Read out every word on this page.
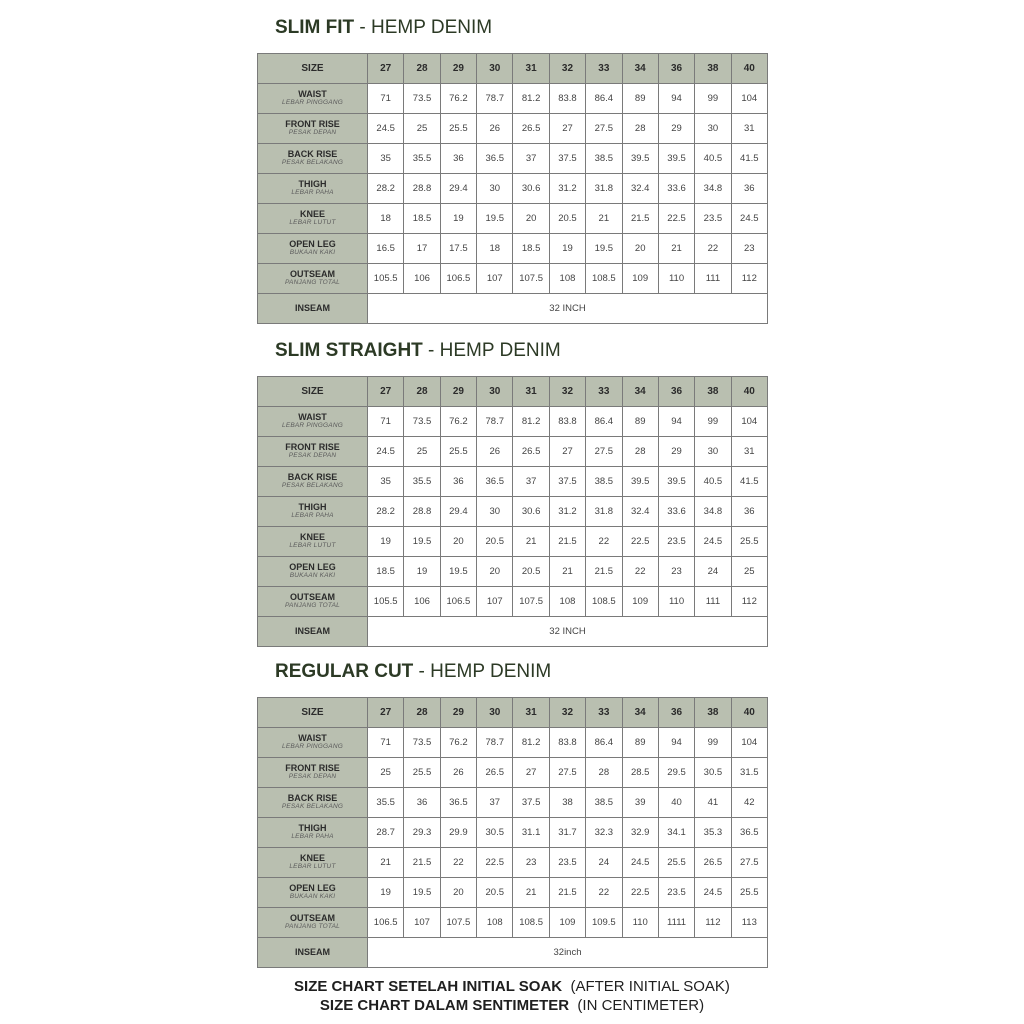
SLIM FIT - HEMP DENIM
SIZE	27	28	29	30	31	32	33	34	36	38	40

WAIST
LEBAR PINGGANG	71	73.5	76.2	78.7	81.2	83.8	86.4	89	94	99	104

FRONT RISE
PESAK DEPAN	24.5	25	25.5	26	26.5	27	27.5	28	29	30	31

BACK RISE
PESAK BELAKANG	35	35.5	36	36.5	37	37.5	38.5	39.5	39.5	40.5	41.5

THIGH
LEBAR PAHA	28.2	28.8	29.4	30	30.6	31.2	31.8	32.4	33.6	34.8	36

KNEE
LEBAR LUTUT	18	18.5	19	19.5	20	20.5	21	21.5	22.5	23.5	24.5

OPEN LEG
BUKAAN KAKI	16.5	17	17.5	18	18.5	19	19.5	20	21	22	23

OUTSEAM
PANJANG TOTAL	105.5	106	106.5	107	107.5	108	108.5	109	110	111	112

INSEAM	32 INCH										
SLIM STRAIGHT - HEMP DENIM
SIZE	27	28	29	30	31	32	33	34	36	38	40

WAIST
LEBAR PINGGANG	71	73.5	76.2	78.7	81.2	83.8	86.4	89	94	99	104

FRONT RISE
PESAK DEPAN	24.5	25	25.5	26	26.5	27	27.5	28	29	30	31

BACK RISE
PESAK BELAKANG	35	35.5	36	36.5	37	37.5	38.5	39.5	39.5	40.5	41.5

THIGH
LEBAR PAHA	28.2	28.8	29.4	30	30.6	31.2	31.8	32.4	33.6	34.8	36

KNEE
LEBAR LUTUT	19	19.5	20	20.5	21	21.5	22	22.5	23.5	24.5	25.5

OPEN LEG
BUKAAN KAKI	18.5	19	19.5	20	20.5	21	21.5	22	23	24	25

OUTSEAM
PANJANG TOTAL	105.5	106	106.5	107	107.5	108	108.5	109	110	111	112

INSEAM	32 INCH										
REGULAR CUT - HEMP DENIM
SIZE	27	28	29	30	31	32	33	34	36	38	40

WAIST
LEBAR PINGGANG	71	73.5	76.2	78.7	81.2	83.8	86.4	89	94	99	104

FRONT RISE
PESAK DEPAN	25	25.5	26	26.5	27	27.5	28	28.5	29.5	30.5	31.5

BACK RISE
PESAK BELAKANG	35.5	36	36.5	37	37.5	38	38.5	39	40	41	42

THIGH
LEBAR PAHA	28.7	29.3	29.9	30.5	31.1	31.7	32.3	32.9	34.1	35.3	36.5

KNEE
LEBAR LUTUT	21	21.5	22	22.5	23	23.5	24	24.5	25.5	26.5	27.5

OPEN LEG
BUKAAN KAKI	19	19.5	20	20.5	21	21.5	22	22.5	23.5	24.5	25.5

OUTSEAM
PANJANG TOTAL	106.5	107	107.5	108	108.5	109	109.5	110	1111	112	113

INSEAM	32inch										
SIZE CHART SETELAH INITIAL SOAK  (AFTER INITIAL SOAK)
SIZE CHART DALAM SENTIMETER  (IN CENTIMETER)
